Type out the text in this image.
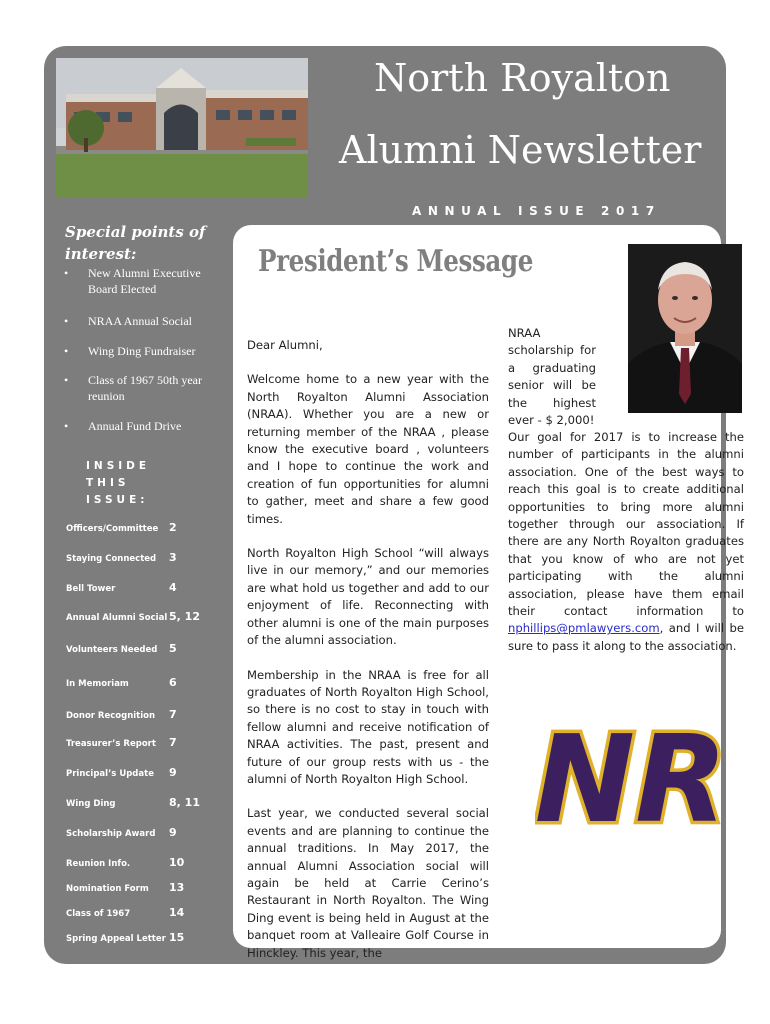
North Royalton
Alumni Newsletter
ANNUAL ISSUE 2017
Special points of interest:
• New Alumni Executive Board Elected
• NRAA Annual Social
• Wing Ding Fundraiser
• Class of 1967 50th year reunion
• Annual Fund Drive
INSIDE
THIS
ISSUE:
Officers/Committee 2
Staying Connected 3
Bell Tower	4
Annual Alumni Social 5, 12
Volunteers Needed 5
In Memoriam	6
Donor Recognition 7
Treasurer’s Report 7
Principal’s Update 9
Wing Ding	8, 11
Scholarship Award 9
Reunion Info.	10
Nomination Form 13
Class of 1967	14
Spring Appeal Letter 15
President’s Message

Dear Alumni,

Welcome home to a new year with the North Royalton Alumni Association (NRAA). Whether you are a new or returning member of the NRAA , please know the executive board , volunteers and I hope to continue the work and creation of fun opportunities for alumni to gather, meet and share a few good times.

North Royalton High School “will always live in our memory,” and our memories are what hold us together and add to our enjoyment of life. Reconnecting with other alumni is one of the main purposes of the alumni association.

Membership in the NRAA is free for all graduates of North Royalton High School, so there is no cost to stay in touch with fellow alumni and receive notification of NRAA activities. The past, present and future of our group rests with us - the alumni of North Royalton High School.

Last year, we conducted several social events and are planning to continue the annual traditions. In May 2017, the annual Alumni Association social will again be held at Carrie Cerino’s Restaurant in North Royalton. The Wing Ding event is being held in August at the banquet room at Valleaire Golf Course in Hinckley. This year, the

NRAA scholarship for a graduating senior will be the highest ever - $ 2,000!
Our goal for 2017 is to increase the number of participants in the alumni association. One of the best ways to reach this goal is to create additional opportunities to bring more alumni together through our association. If there are any North Royalton graduates that you know of who are not yet participating with the alumni association, please have them email their contact information to nphillips@pmlawyers.com, and I will be sure to pass it along to the association.
NR
